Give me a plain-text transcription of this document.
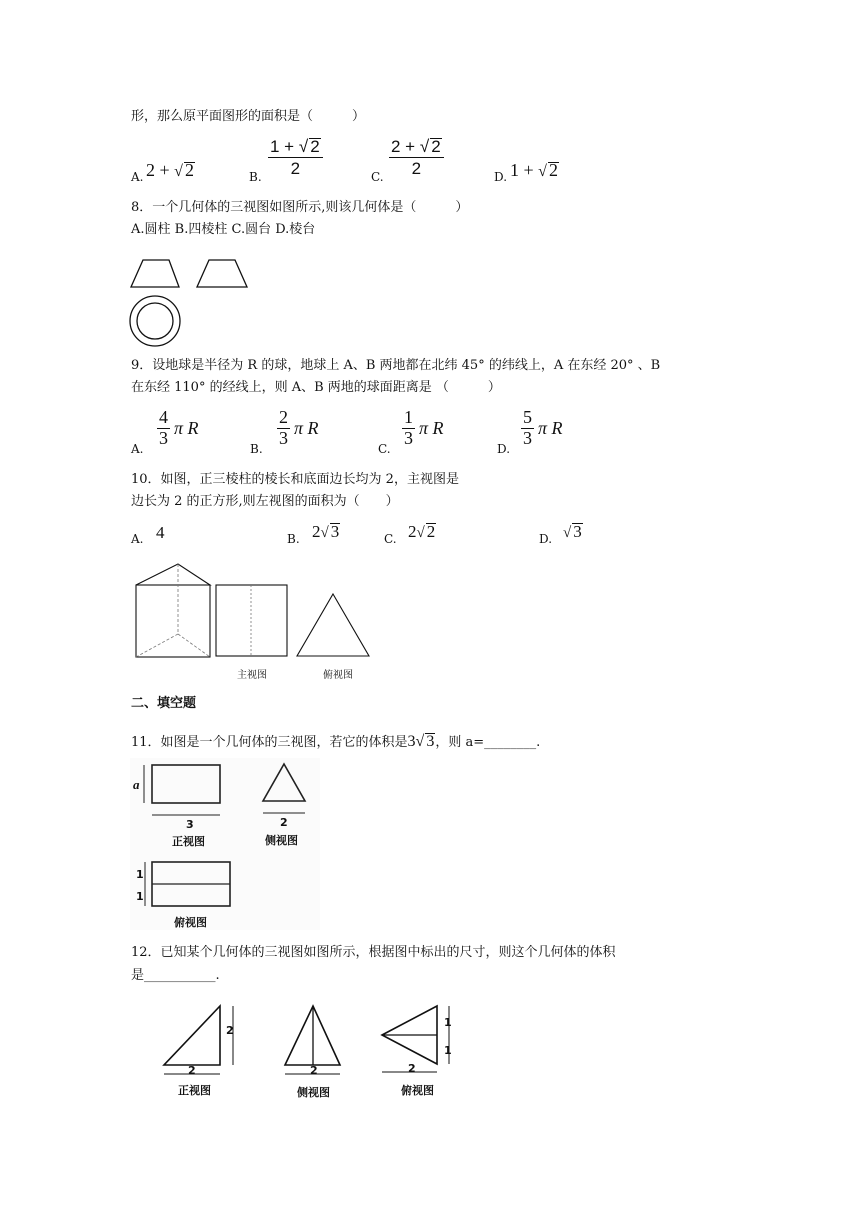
形，那么原平面图形的面积是（　　　）
A. 2 + √ 2	B. $\frac{1 + √ 2}{2}$	C. $\frac{2 + √ 2}{2}$	D. 1 + √ 2
8．一个几何体的三视图如图所示,则该几何体是（　　　）
A.圆柱 B.四棱柱 C.圆台 D.棱台
9．设地球是半径为 R 的球，地球上 A、B 两地都在北纬 45° 的纬线上，A 在东经 20° 、B
在东经 110° 的经线上，则 A、B 两地的球面距离是 （　　　）
A.
$\frac{4}{3}$ π
R
B.
$\frac{2}{3}$ π
R
C.
$\frac{1}{3}$ π
R
D.
$\frac{5}{3}$ π
R
10．如图，正三棱柱的棱长和底面边长均为 2，主视图是
边长为 2 的正方形,则左视图的面积为（　　）
A. 4	B. 2√ 3	C. 2√ 2	D. √ 3
主视图	俯视图
二、填空题
11．如图是一个几何体的三视图，若它的体积是3√ 3，则 a=________.
a
3	2
正视图	侧视图
1
1
俯视图
12．已知某个几何体的三视图如图所示，根据图中标出的尺寸，则这个几何体的体积
是___________.
2
2	2	2
1
1
正视图	侧视图	俯视图
